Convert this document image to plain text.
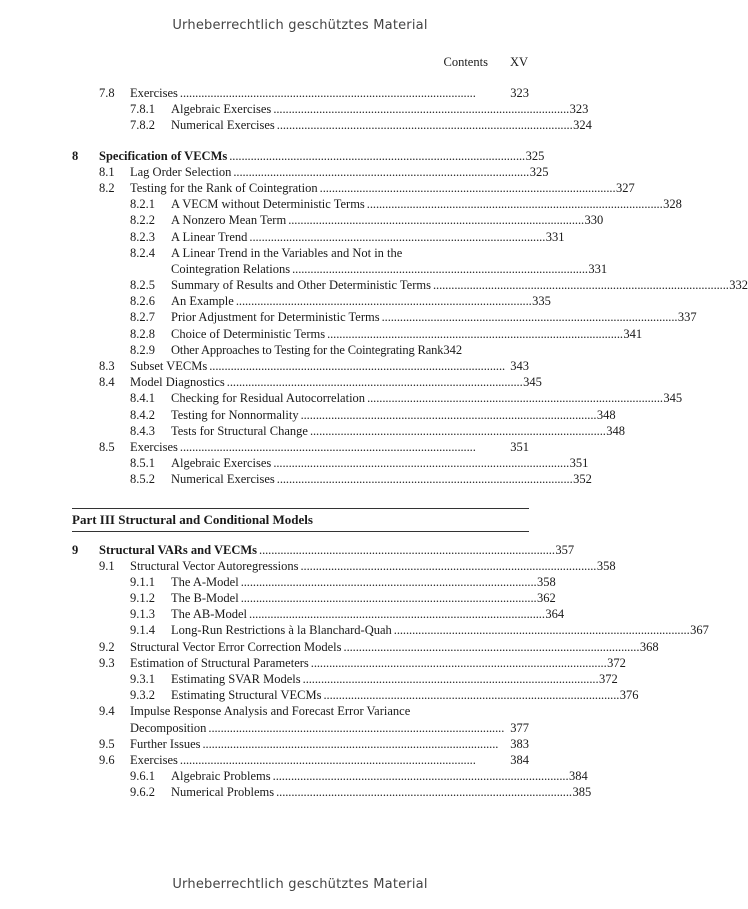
Urheberrechtlich geschütztes Material
Contents XV
7.8	Exercises . . .	323
7.8.1	Algebraic Exercises . . .	323
7.8.2	Numerical Exercises . . .	324
8	Specification of VECMs . . .	325
8.1	Lag Order Selection . . .	325
8.2	Testing for the Rank of Cointegration . . .	327
8.2.1	A VECM without Deterministic Terms . . .	328
8.2.2	A Nonzero Mean Term . . .	330
8.2.3	A Linear Trend . . .	331
8.2.4	A Linear Trend in the Variables and Not in the
Cointegration Relations . . .	331
8.2.5	Summary of Results and Other Deterministic Terms . . .	332
8.2.6	An Example . . .	335
8.2.7	Prior Adjustment for Deterministic Terms . . .	337
8.2.8	Choice of Deterministic Terms . . .	341
8.2.9	Other Approaches to Testing for the Cointegrating Rank 342
8.3	Subset VECMs . . .	343
8.4	Model Diagnostics . . .	345
8.4.1	Checking for Residual Autocorrelation . . .	345
8.4.2	Testing for Nonnormality . . .	348
8.4.3	Tests for Structural Change . . .	348
8.5	Exercises . . .	351
8.5.1	Algebraic Exercises . . .	351
8.5.2	Numerical Exercises . . .	352
Part III Structural and Conditional Models
9	Structural VARs and VECMs . . .	357
9.1	Structural Vector Autoregressions . . .	358
9.1.1	The A-Model . . .	358
9.1.2	The B-Model . . .	362
9.1.3	The AB-Model . . .	364
9.1.4	Long-Run Restrictions à la Blanchard-Quah . . .	367
9.2	Structural Vector Error Correction Models . . .	368
9.3	Estimation of Structural Parameters . . .	372
9.3.1	Estimating SVAR Models . . .	372
9.3.2	Estimating Structural VECMs . . .	376
9.4	Impulse Response Analysis and Forecast Error Variance
Decomposition . . .	377
9.5	Further Issues . . .	383
9.6	Exercises . . .	384
9.6.1	Algebraic Problems . . .	384
9.6.2	Numerical Problems . . .	385
Urheberrechtlich geschütztes Material
